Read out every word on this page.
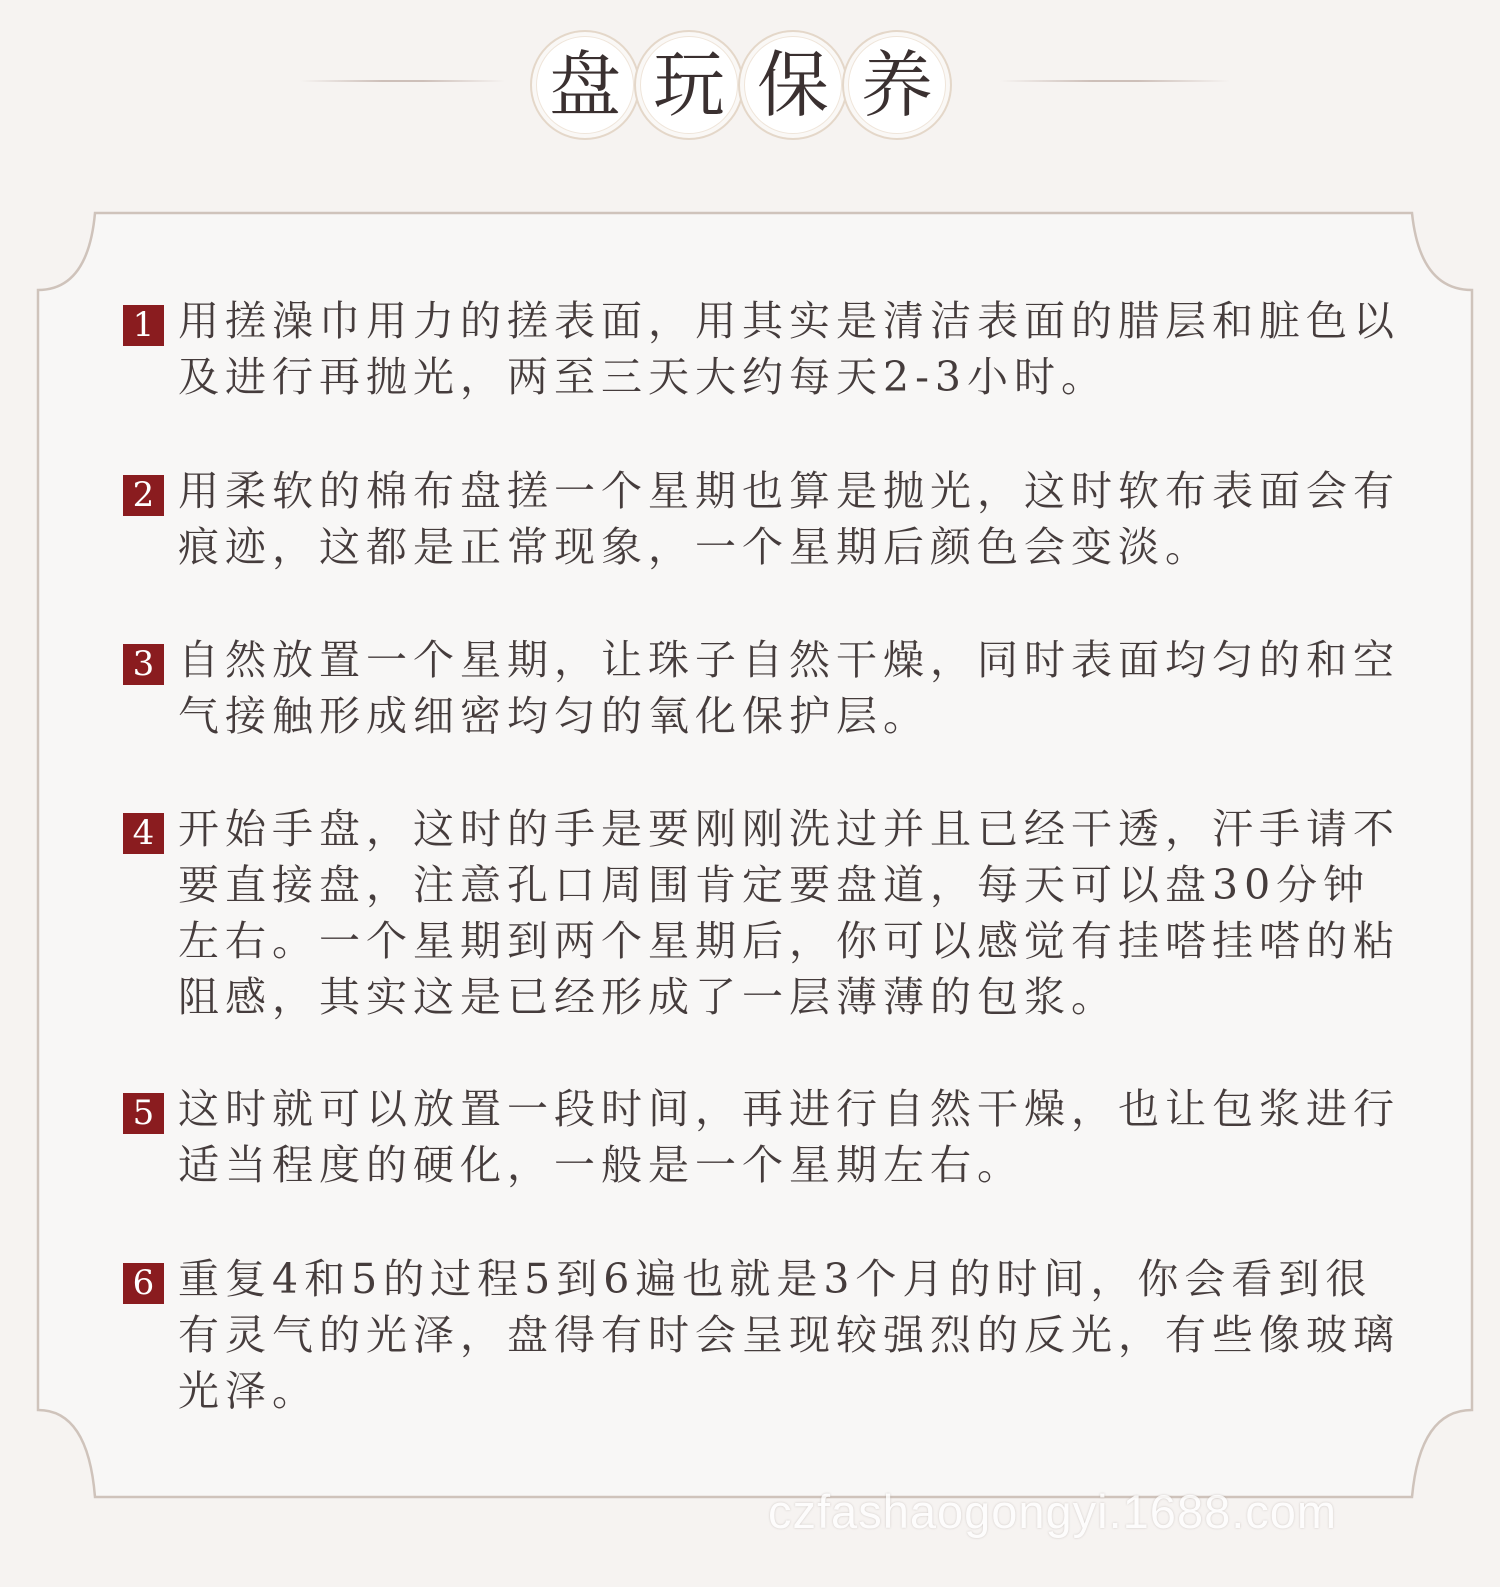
盘 玩 保 养
1 用搓澡巾用力的搓表面，用其实是清洁表面的腊层和脏色以及进行再抛光，两至三天大约每天2-3小时。

2 用柔软的棉布盘搓一个星期也算是抛光，这时软布表面会有痕迹，这都是正常现象，一个星期后颜色会变淡。

3 自然放置一个星期，让珠子自然干燥，同时表面均匀的和空气接触形成细密均匀的氧化保护层。

4 开始手盘，这时的手是要刚刚洗过并且已经干透，汗手请不要直接盘，注意孔口周围肯定要盘道，每天可以盘30分钟左右。一个星期到两个星期后，你可以感觉有挂嗒挂嗒的粘阻感，其实这是已经形成了一层薄薄的包浆。

5 这时就可以放置一段时间，再进行自然干燥，也让包浆进行适当程度的硬化，一般是一个星期左右。

6 重复4和5的过程5到6遍也就是3个月的时间，你会看到很有灵气的光泽，盘得有时会呈现较强烈的反光，有些像玻璃光泽。

czfashaogongyi.1688.com
